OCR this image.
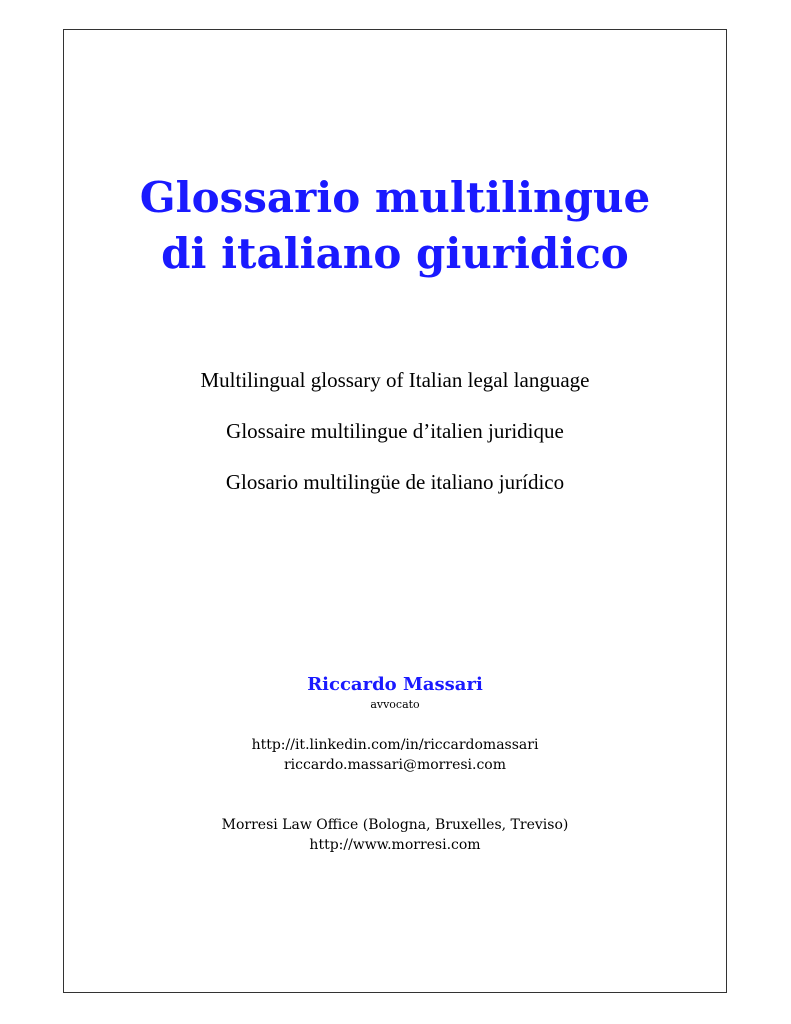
Glossario multilingue
di italiano giuridico
Multilingual glossary of Italian legal language
Glossaire multilingue d’italien juridique
Glosario multilingüe de italiano jurídico
Riccardo Massari
avvocato
http://it.linkedin.com/in/riccardomassari
riccardo.massari@morresi.com
Morresi Law Office (Bologna, Bruxelles, Treviso)
http://www.morresi.com
